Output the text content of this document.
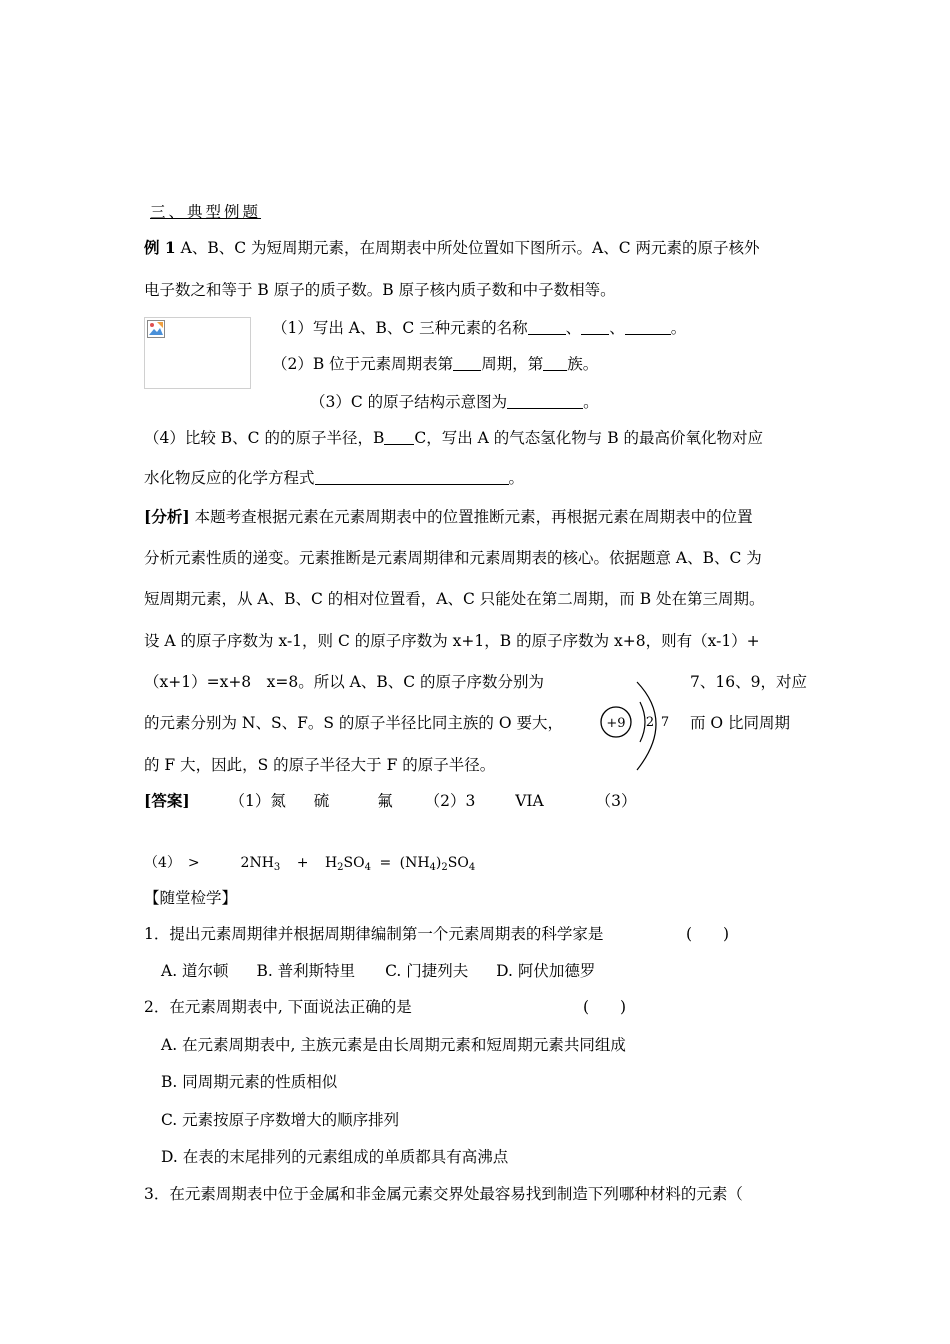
三、典型例题
例 1 A、B、C 为短周期元素，在周期表中所处位置如下图所示。A、C 两元素的原子核外
电子数之和等于 B 原子的质子数。B 原子核内质子数和中子数相等。
（1）写出 A、B、C 三种元素的名称 、 、	。
（2）B 位于元素周期表第 周期，第 族。
（3）C 的原子结构示意图为	。
（4）比较 B、C 的的原子半径，B C，写出 A 的气态氢化物与 B 的最高价氧化物对应
水化物反应的化学方程式	。
[分析] 本题考查根据元素在元素周期表中的位置推断元素，再根据元素在周期表中的位置
分析元素性质的递变。元素推断是元素周期律和元素周期表的核心。依据题意 A、B、C 为
短周期元素，从 A、B、C 的相对位置看，A、C 只能处在第二周期，而 B 处在第三周期。
设 A 的原子序数为 x-1，则 C 的原子序数为 x+1，B 的原子序数为 x+8，则有（x-1）+
（x+1）=x+8　x=8。所以 A、B、C 的原子序数分别为	7、16、9，对应
的元素分别为 N、S、F。S 的原子半径比同主族的 O 要大，	而 O 比同周期
的 F 大，因此，S 的原子半径大于 F 的原子半径。
+9 2 7
[答案]	（1）氮 硫	氟 （2）3	VIA	（3）
（4）　>	$2NH_3 + H_2SO_4 = (NH_4)_2SO_4$
【随堂检学】
1．提出元素周期律并根据周期律编制第一个元素周期表的科学家是	(　　)
A. 道尔顿 B. 普利斯特里 C. 门捷列夫 D. 阿伏加德罗
2．在元素周期表中, 下面说法正确的是	(　　)
A. 在元素周期表中, 主族元素是由长周期元素和短周期元素共同组成
B. 同周期元素的性质相似
C. 元素按原子序数增大的顺序排列
D. 在表的末尾排列的元素组成的单质都具有高沸点
3．在元素周期表中位于金属和非金属元素交界处最容易找到制造下列哪种材料的元素（
